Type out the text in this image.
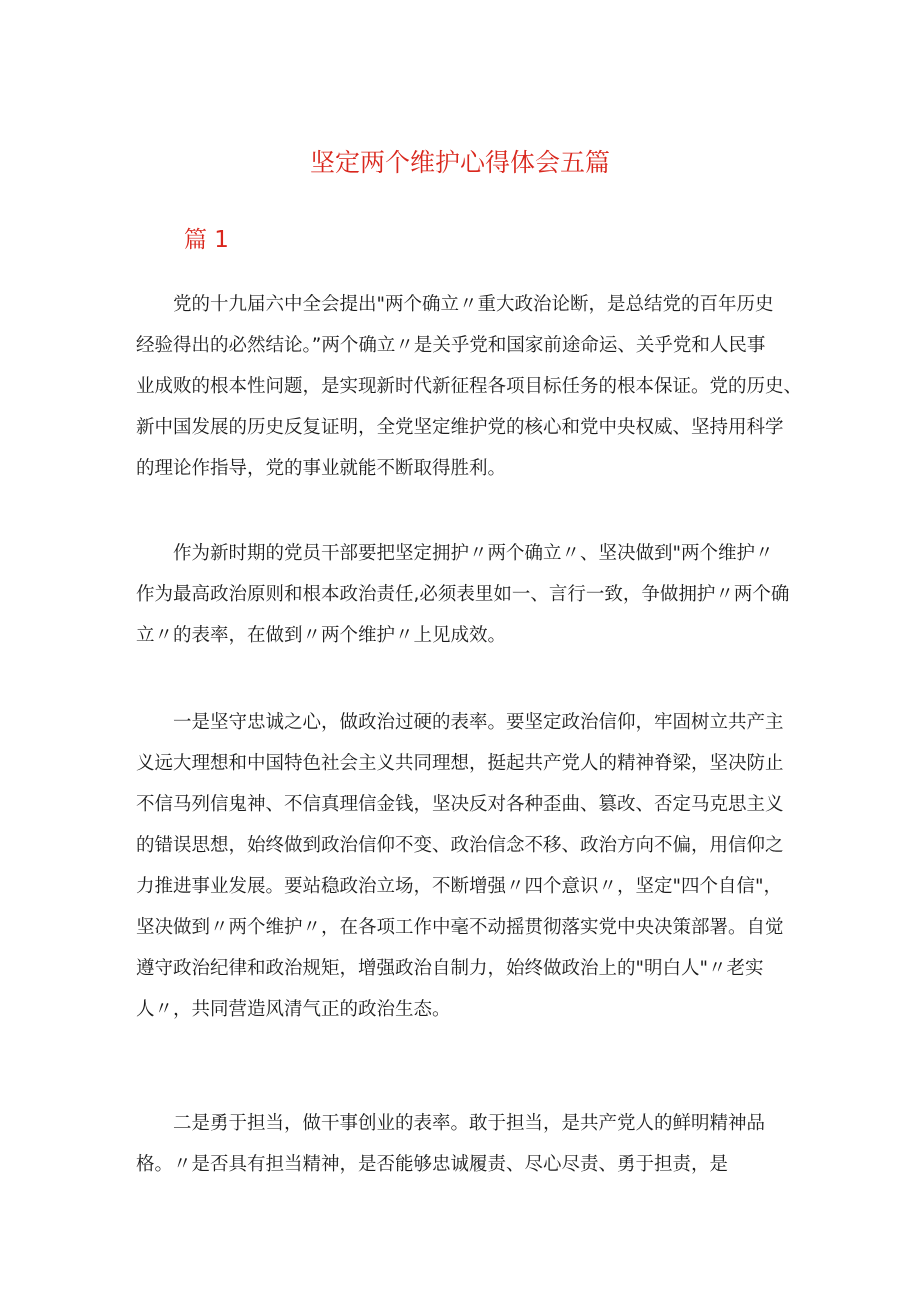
坚定两个维护心得体会五篇
篇 1
　　党的十九届六中全会提出"两个确立〃重大政治论断，是总结党的百年历史
经验得出的必然结论。”两个确立〃是关乎党和国家前途命运、关乎党和人民事
业成败的根本性问题，是实现新时代新征程各项目标任务的根本保证。党的历史、
新中国发展的历史反复证明，全党坚定维护党的核心和党中央权威、坚持用科学
的理论作指导，党的事业就能不断取得胜利。
　　作为新时期的党员干部要把坚定拥护〃两个确立〃、坚决做到"两个维护〃
作为最高政治原则和根本政治责任,必须表里如一、言行一致，争做拥护〃两个确
立〃的表率，在做到〃两个维护〃上见成效。
　　一是坚守忠诚之心，做政治过硬的表率。要坚定政治信仰，牢固树立共产主
义远大理想和中国特色社会主义共同理想，挺起共产党人的精神脊梁，坚决防止
不信马列信鬼神、不信真理信金钱，坚决反对各种歪曲、篡改、否定马克思主义
的错误思想，始终做到政治信仰不变、政治信念不移、政治方向不偏，用信仰之
力推进事业发展。要站稳政治立场，不断增强〃四个意识〃，坚定"四个自信"，
坚决做到〃两个维护〃，在各项工作中毫不动摇贯彻落实党中央决策部署。自觉
遵守政治纪律和政治规矩，增强政治自制力，始终做政治上的"明白人"〃老实
人〃，共同营造风清气正的政治生态。
　　二是勇于担当，做干事创业的表率。敢于担当，是共产党人的鲜明精神品
格。〃是否具有担当精神，是否能够忠诚履责、尽心尽责、勇于担责，是
